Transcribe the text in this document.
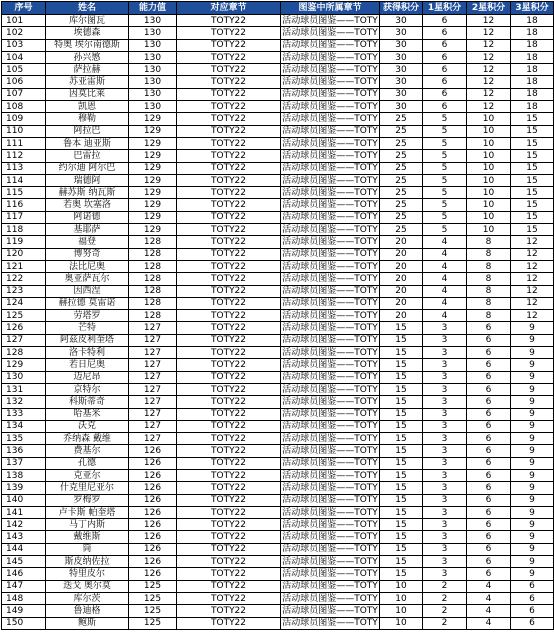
序号	姓名	能力值	对应章节	图鉴中所属章节	获得积分	1星积分	2星积分	3星积分
101	库尔图瓦	130	TOTY22	活动球员图鉴——TOTY	30	6	12	18
102	埃德森	130	TOTY22	活动球员图鉴——TOTY	30	6	12	18
103	特奥 埃尔南德斯	130	TOTY22	活动球员图鉴——TOTY	30	6	12	18
104	孙兴慜	130	TOTY22	活动球员图鉴——TOTY	30	6	12	18
105	萨拉赫	130	TOTY22	活动球员图鉴——TOTY	30	6	12	18
106	苏亚雷斯	130	TOTY22	活动球员图鉴——TOTY	30	6	12	18
107	因莫比莱	130	TOTY22	活动球员图鉴——TOTY	30	6	12	18
108	凯恩	130	TOTY22	活动球员图鉴——TOTY	30	6	12	18
109	穆勒	129	TOTY22	活动球员图鉴——TOTY	25	5	10	15
110	阿拉巴	129	TOTY22	活动球员图鉴——TOTY	25	5	10	15
111	鲁本 迪亚斯	129	TOTY22	活动球员图鉴——TOTY	25	5	10	15
112	巴雷拉	129	TOTY22	活动球员图鉴——TOTY	25	5	10	15
113	约尔迪 阿尔巴	129	TOTY22	活动球员图鉴——TOTY	25	5	10	15
114	瑞德阿	129	TOTY22	活动球员图鉴——TOTY	25	5	10	15
115	赫苏斯 纳瓦斯	129	TOTY22	活动球员图鉴——TOTY	25	5	10	15
116	若奥 坎塞洛	129	TOTY22	活动球员图鉴——TOTY	25	5	10	15
117	阿诺德	129	TOTY22	活动球员图鉴——TOTY	25	5	10	15
118	基耶萨	129	TOTY22	活动球员图鉴——TOTY	25	5	10	15
119	福登	128	TOTY22	活动球员图鉴——TOTY	20	4	8	12
120	博努奇	128	TOTY22	活动球员图鉴——TOTY	20	4	8	12
121	法比尼奥	128	TOTY22	活动球员图鉴——TOTY	20	4	8	12
122	奥亚萨瓦尔	128	TOTY22	活动球员图鉴——TOTY	20	4	8	12
123	因西涅	128	TOTY22	活动球员图鉴——TOTY	20	4	8	12
124	赫拉德 莫雷诺	128	TOTY22	活动球员图鉴——TOTY	20	4	8	12
125	劳塔罗	128	TOTY22	活动球员图鉴——TOTY	20	4	8	12
126	芒特	127	TOTY22	活动球员图鉴——TOTY	15	3	6	9
127	阿兹皮利奎塔	127	TOTY22	活动球员图鉴——TOTY	15	3	6	9
128	洛卡特利	127	TOTY22	活动球员图鉴——TOTY	15	3	6	9
129	若日尼奥	127	TOTY22	活动球员图鉴——TOTY	15	3	6	9
130	迈尼昂	127	TOTY22	活动球员图鉴——TOTY	15	3	6	9
131	京特尔	127	TOTY22	活动球员图鉴——TOTY	15	3	6	9
132	科斯蒂奇	127	TOTY22	活动球员图鉴——TOTY	15	3	6	9
133	哈基米	127	TOTY22	活动球员图鉴——TOTY	15	3	6	9
134	沃克	127	TOTY22	活动球员图鉴——TOTY	15	3	6	9
135	乔纳森 戴维	127	TOTY22	活动球员图鉴——TOTY	15	3	6	9
136	费基尔	126	TOTY22	活动球员图鉴——TOTY	15	3	6	9
137	孔德	126	TOTY22	活动球员图鉴——TOTY	15	3	6	9
138	克亚尔	126	TOTY22	活动球员图鉴——TOTY	15	3	6	9
139	什克里尼亚尔	126	TOTY22	活动球员图鉴——TOTY	15	3	6	9
140	罗梅罗	126	TOTY22	活动球员图鉴——TOTY	15	3	6	9
141	卢卡斯 帕奎塔	126	TOTY22	活动球员图鉴——TOTY	15	3	6	9
142	马丁内斯	126	TOTY22	活动球员图鉴——TOTY	15	3	6	9
143	戴维斯	126	TOTY22	活动球员图鉴——TOTY	15	3	6	9
144	筒	126	TOTY22	活动球员图鉴——TOTY	15	3	6	9
145	斯皮纳佐拉	126	TOTY22	活动球员图鉴——TOTY	15	3	6	9
146	特里皮尔	126	TOTY22	活动球员图鉴——TOTY	15	3	6	9
147	迭戈 奥尔莫	125	TOTY22	活动球员图鉴——TOTY	10	2	4	6
148	库尔茨	125	TOTY22	活动球员图鉴——TOTY	10	2	4	6
149	鲁迪格	125	TOTY22	活动球员图鉴——TOTY	10	2	4	6
150	鲍斯	125	TOTY22	活动球员图鉴——TOTY	10	2	4	6
